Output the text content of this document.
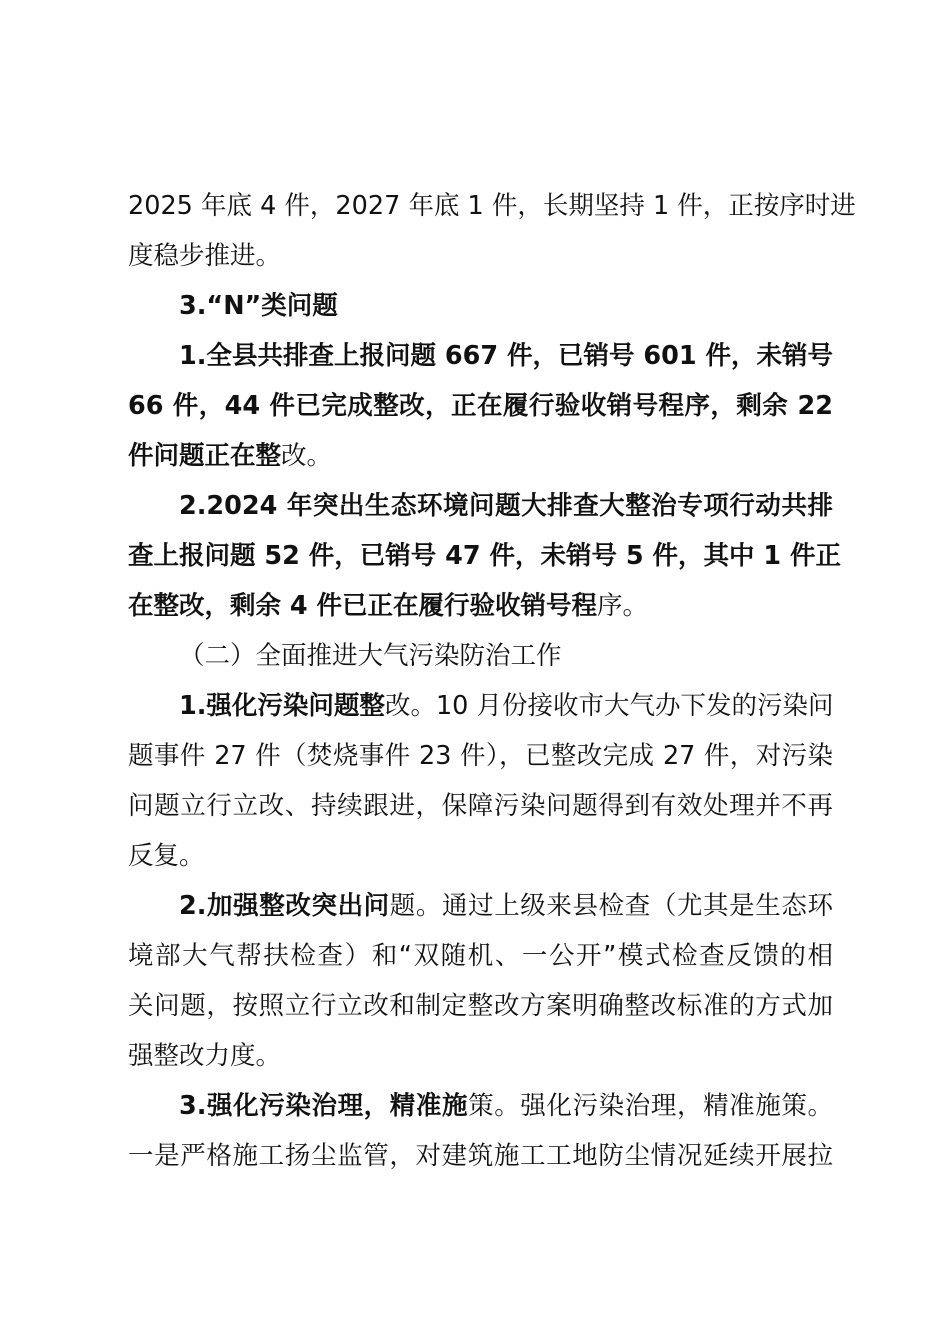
2025 年底 4 件，2027 年底 1 件，长期坚持 1 件，正按序时进
度稳步推进。
3.“N”类问题
1.全县共排查上报问题 667 件，已销号 601 件，未销号
66 件，44 件已完成整改，正在履行验收销号程序，剩余 22
件问题正在整改。
2.2024 年突出生态环境问题大排查大整治专项行动共排
查上报问题 52 件，已销号 47 件，未销号 5 件，其中 1 件正
在整改，剩余 4 件已正在履行验收销号程序。
（二）全面推进大气污染防治工作
1.强化污染问题整改。10 月份接收市大气办下发的污染问
题事件 27 件（焚烧事件 23 件），已整改完成 27 件，对污染
问题立行立改、持续跟进，保障污染问题得到有效处理并不再
反复。
2.加强整改突出问题。通过上级来县检查（尤其是生态环
境部大气帮扶检查）和“双随机、一公开”模式检查反馈的相
关问题，按照立行立改和制定整改方案明确整改标准的方式加
强整改力度。
3.强化污染治理，精准施策。强化污染治理，精准施策。
一是严格施工扬尘监管，对建筑施工工地防尘情况延续开展拉
